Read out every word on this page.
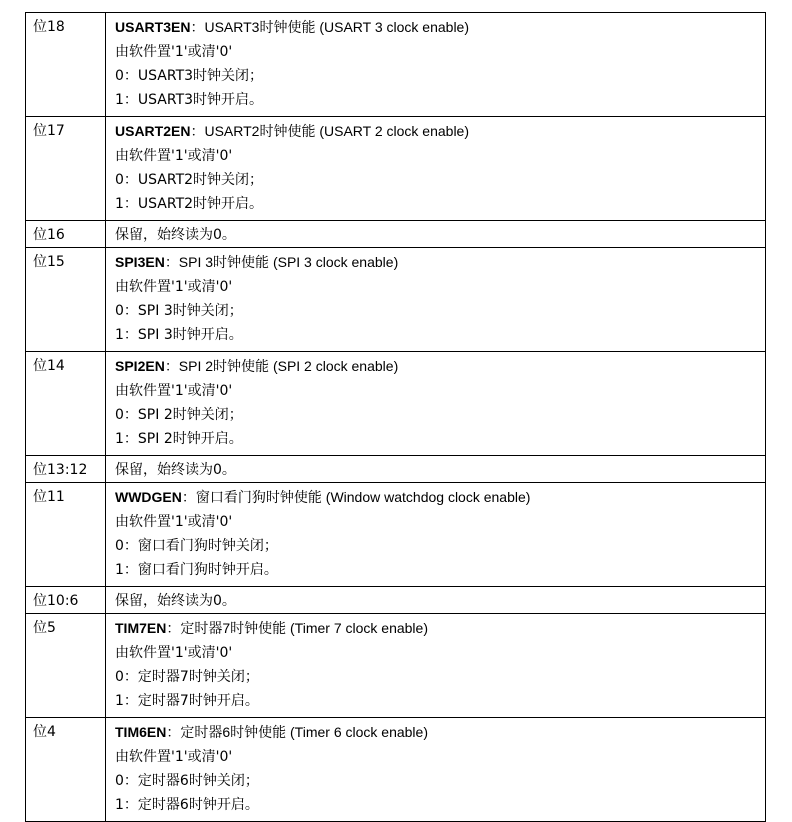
位18	USART3EN：USART3时钟使能 (USART 3 clock enable)
由软件置'1'或清'0'
0：USART3时钟关闭；
1：USART3时钟开启。

位17	USART2EN：USART2时钟使能 (USART 2 clock enable)
由软件置'1'或清'0'
0：USART2时钟关闭；
1：USART2时钟开启。

位16	保留，始终读为0。

位15	SPI3EN：SPI 3时钟使能 (SPI 3 clock enable)
由软件置'1'或清'0'
0：SPI 3时钟关闭；
1：SPI 3时钟开启。

位14	SPI2EN：SPI 2时钟使能 (SPI 2 clock enable)
由软件置'1'或清'0'
0：SPI 2时钟关闭；
1：SPI 2时钟开启。

位13:12	保留，始终读为0。

位11	WWDGEN：窗口看门狗时钟使能 (Window watchdog clock enable)
由软件置'1'或清'0'
0：窗口看门狗时钟关闭；
1：窗口看门狗时钟开启。

位10:6	保留，始终读为0。

位5	TIM7EN：定时器7时钟使能 (Timer 7 clock enable)
由软件置'1'或清'0'
0：定时器7时钟关闭；
1：定时器7时钟开启。

位4	TIM6EN：定时器6时钟使能 (Timer 6 clock enable)
由软件置'1'或清'0'
0：定时器6时钟关闭；
1：定时器6时钟开启。
